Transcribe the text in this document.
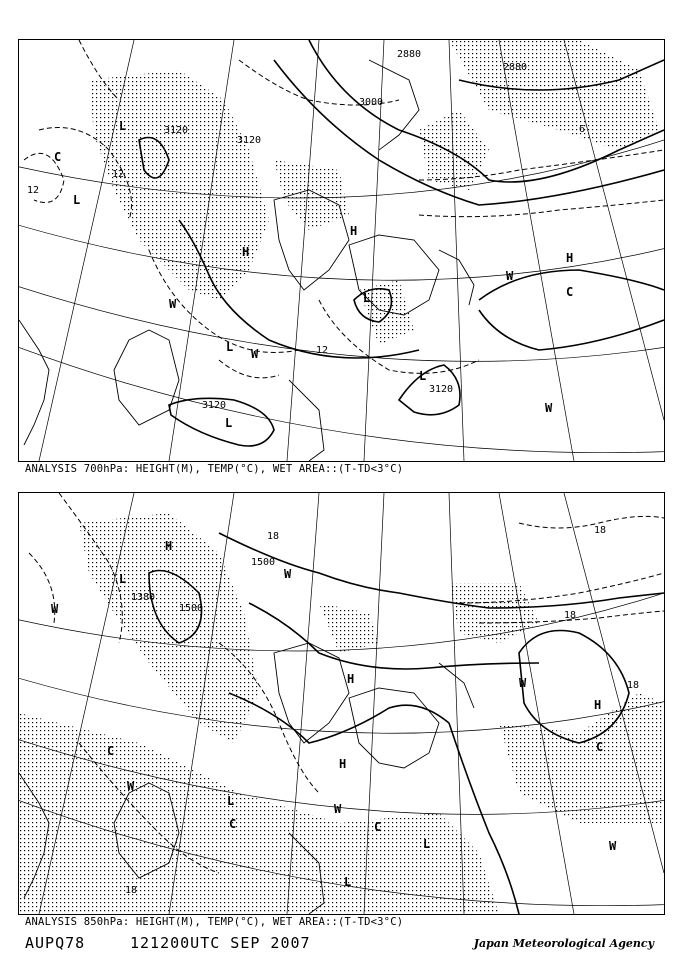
3120
3120
3000
2880
2880
3120
3120
12
12
12
6
L
L
C
H
W
W
C
W
W
L
L
H
H
L
L
ANALYSIS 700hPa: HEIGHT(M), TEMP(°C), WET AREA::(T-TD<3°C)
1380
1500
1500
18
18
18
18
18
W
L
H
W
W
H
H
C
W
L
C
W
C
L
H
C
W
L
ANALYSIS 850hPa: HEIGHT(M), TEMP(°C), WET AREA::(T-TD<3°C)
AUPQ78	121200UTC SEP 2007	Japan Meteorological Agency
